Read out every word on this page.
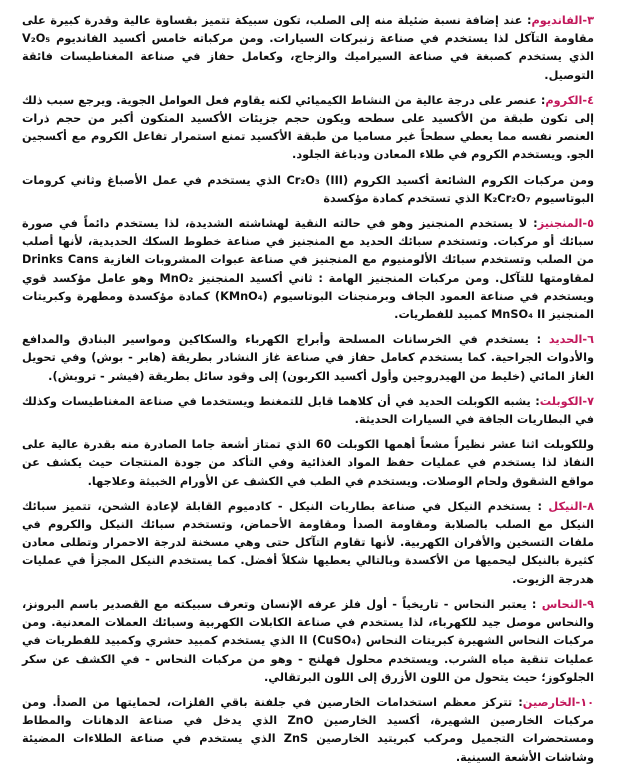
٣-الفانديوم: عند إضافة نسبة ضئيلة منه إلى الصلب، تكون سبيكة تتميز بقساوة عالية وقدرة كبيرة على مقاومة التآكل لذا يستخدم في صناعة زنبركات السيارات. ومن مركباته خامس أكسيد الفانديوم V₂O₅ الذي يستخدم كصبغة في صناعة السيراميك والزجاج، وكعامل حفاز في صناعة المغناطيسات فائقة التوصيل.

٤-الكروم: عنصر على درجة عالية من النشاط الكيميائي لكنه يقاوم فعل العوامل الجوية. ويرجع سبب ذلك إلى تكون طبقة من الأكسيد على سطحه ويكون حجم جزيئات الأكسيد المتكون أكبر من حجم ذرات العنصر نفسه مما يعطي سطحاً غير مساميا من طبقة الأكسيد تمنع استمرار تفاعل الكروم مع أكسجين الجو. ويستخدم الكروم في طلاء المعادن ودباغة الجلود.

ومن مركبات الكروم الشائعة أكسيد الكروم (III) Cr₂O₃ الذي يستخدم في عمل الأصباغ وثاني كرومات البوتاسيوم K₂Cr₂O₇ الذي تستخدم كمادة مؤكسدة

٥-المنجنيز: لا يستخدم المنجنيز وهو في حالته النقية لهشاشته الشديدة، لذا يستخدم دائماً في صورة سبائك أو مركبات. وتستخدم سبائك الحديد مع المنجنيز في صناعة خطوط السكك الحديدية، لأنها أصلب من الصلب وتستخدم سبائك الألومنيوم مع المنجنيز في صناعة عبوات المشروبات الغازية Drinks Cans لمقاومتها للتآكل. ومن مركبات المنجنيز الهامة : ثاني أكسيد المنجنيز MnO₂ وهو عامل مؤكسد قوي ويستخدم في صناعة العمود الجاف وبرمنجنات البوتاسيوم (KMnO₄) كمادة مؤكسدة ومطهرة وكبريتات المنجنيز MnSO₄ II كمبيد للفطريات.

٦-الحديد : يستخدم في الخرسانات المسلحة وأبراج الكهرباء والسكاكين ومواسير البنادق والمدافع والأدوات الجراحية. كما يستخدم كعامل حفاز في صناعة غاز النشادر بطريقة (هابر - بوش) وفي تحويل الغاز المائي (خليط من الهيدروجين وأول أكسيد الكربون) إلى وقود سائل بطريقة (فيشر - تروبش).

٧-الكوبلت: يشبه الكوبلت الحديد في أن كلاهما قابل للتمغنط ويستخدما في صناعة المغناطيسات وكذلك في البطاريات الجافة في السيارات الحديثة.

وللكوبلت اثنا عشر نظيراً مشعاً أهمها الكوبلت 60 الذي تمتاز أشعة جاما الصادرة منه بقدرة عالية على النفاذ لذا يستخدم في عمليات حفظ المواد الغذائية وفي التأكد من جودة المنتجات حيث يكشف عن مواقع الشقوق ولحام الوصلات. ويستخدم في الطب في الكشف عن الأورام الخبيثة وعلاجها.

٨-النيكل : يستخدم النيكل في صناعة بطاريات النيكل - كادميوم القابلة لإعادة الشحن، تتميز سبائك النيكل مع الصلب بالصلابة ومقاومة الصدأ ومقاومة الأحماض، وتستخدم سبائك النيكل والكروم في ملفات التسخين والأفران الكهربية. لأنها تقاوم التآكل حتى وهي مسخنة لدرجة الاحمرار وتطلى معادن كثيرة بالنيكل ليحميها من الأكسدة وبالتالي يعطيها شكلاً أفضل. كما يستخدم النيكل المجزأ في عمليات هدرجة الزيوت.

٩-النحاس : يعتبر النحاس - تاريخياً - أول فلز عرفه الإنسان وتعرف سبيكته مع القصدير باسم البرونز، والنحاس موصل جيد للكهرباء، لذا يستخدم في صناعة الكابلات الكهربية وسبائك العملات المعدنية. ومن مركبات النحاس الشهيرة كبريتات النحاس II (CuSO₄) الذي يستخدم كمبيد حشري وكمبيد للفطريات في عمليات تنقية مياه الشرب. ويستخدم محلول فهلنج - وهو من مركبات النحاس - في الكشف عن سكر الجلوكوز؛ حيث يتحول من اللون الأزرق إلى اللون البرتقالي.

١٠-الخارصين: تتركز معظم استخدامات الخارصين في جلفنة باقي الفلزات، لحمايتها من الصدأ. ومن مركبات الخارصين الشهيرة، أكسيد الخارصين ZnO الذي يدخل في صناعة الدهانات والمطاط ومستحضرات التجميل ومركب كبريتيد الخارصين ZnS الذي يستخدم في صناعة الطلاءات المضيئة وشاشات الأشعة السينية.
